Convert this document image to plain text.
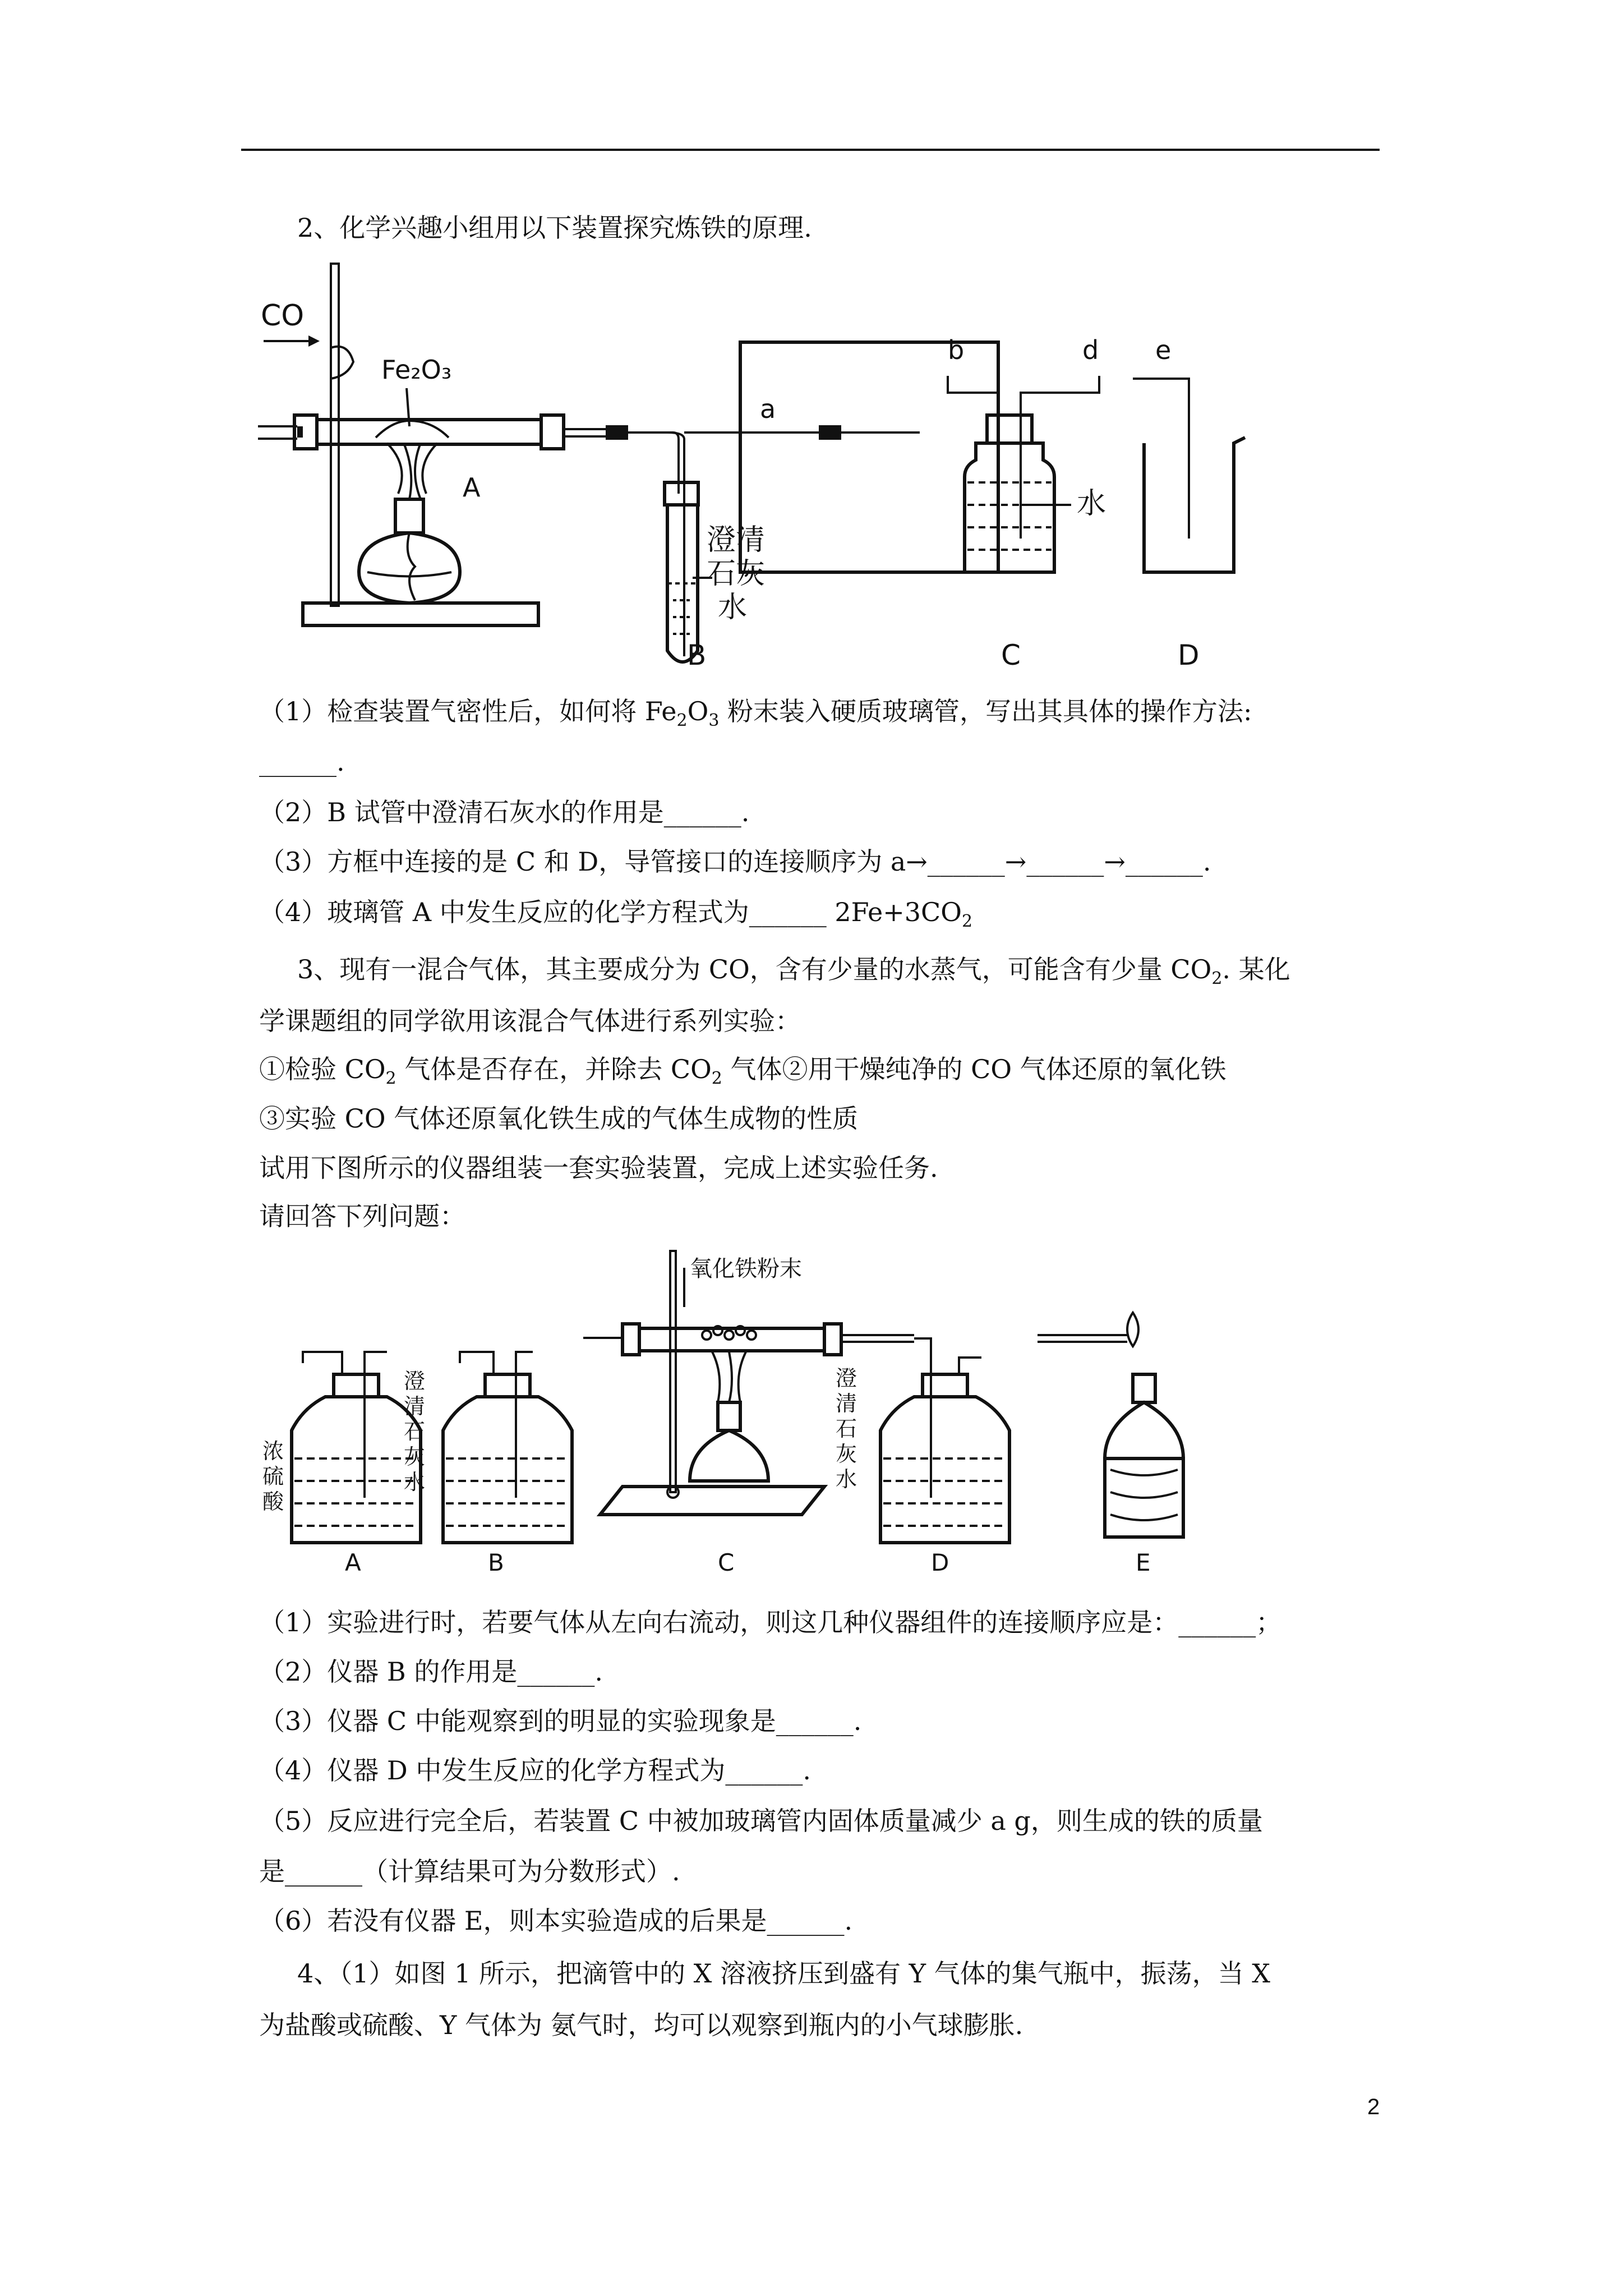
2、化学兴趣小组用以下装置探究炼铁的原理.
CO
Fe₂O₃
A
澄清
石灰
水
B
a
b	d
水
C
e
D
（1）检查装置气密性后，如何将 $Fe_2O_3$ 粉末装入硬质玻璃管，写出其具体的操作方法:
______.
（2）B 试管中澄清石灰水的作用是______.
（3）方框中连接的是 C 和 D，导管接口的连接顺序为 a→______→______→______.
（4）玻璃管 A 中发生反应的化学方程式为______ $2Fe+3CO_2$
3、现有一混合气体，其主要成分为 CO，含有少量的水蒸气，可能含有少量 $CO_2$. 某化
学课题组的同学欲用该混合气体进行系列实验：
①检验 $CO_2$ 气体是否存在，并除去 $CO_2$ 气体②用干燥纯净的 CO 气体还原的氧化铁
③实验 CO 气体还原氧化铁生成的气体生成物的性质
试用下图所示的仪器组装一套实验装置，完成上述实验任务.
请回答下列问题：
浓
硫
酸
A
澄
清
石
灰
水
B
氧化铁粉末
C
澄
清
石
灰
水
D	E
（1）实验进行时，若要气体从左向右流动，则这几种仪器组件的连接顺序应是：______；
（2）仪器 B 的作用是______.
（3）仪器 C 中能观察到的明显的实验现象是______.
（4）仪器 D 中发生反应的化学方程式为______.
（5）反应进行完全后，若装置 C 中被加玻璃管内固体质量减少 a g，则生成的铁的质量
是______（计算结果可为分数形式）.
（6）若没有仪器 E，则本实验造成的后果是______.
4、（1）如图 1 所示，把滴管中的 X 溶液挤压到盛有 Y 气体的集气瓶中，振荡，当 X
为盐酸或硫酸、Y 气体为 氨气时，均可以观察到瓶内的小气球膨胀.
2
